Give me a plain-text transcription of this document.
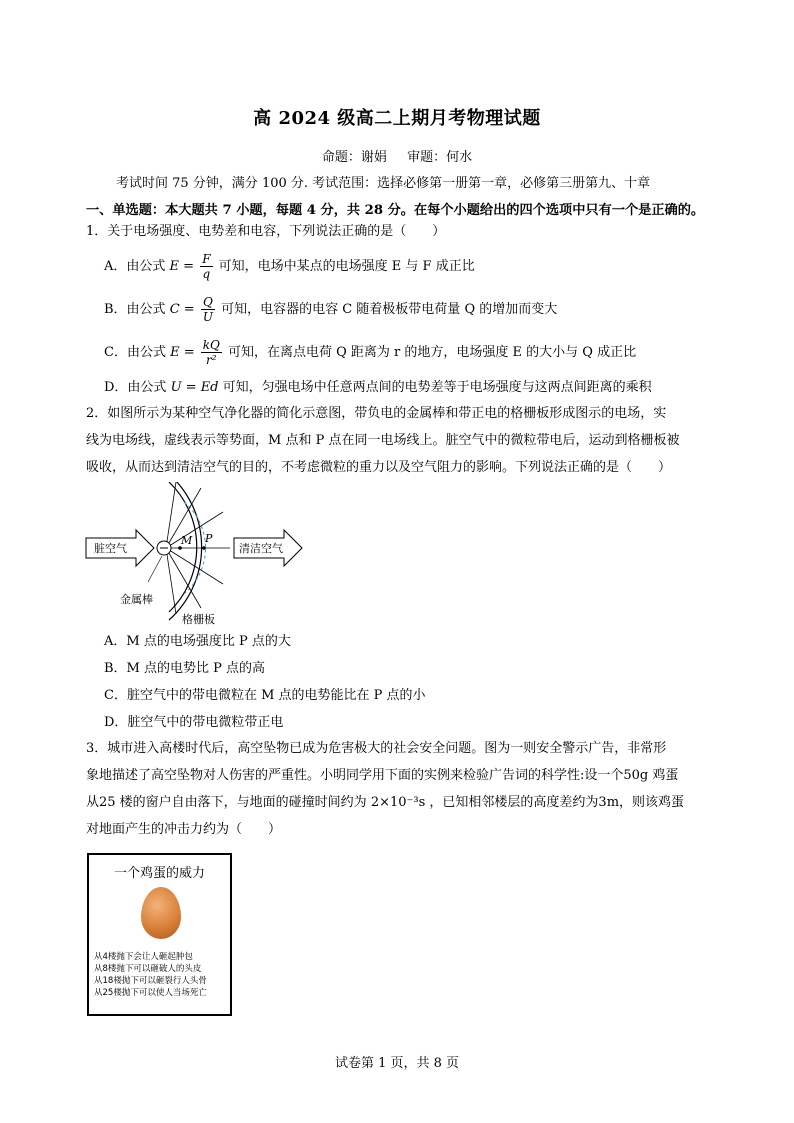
高 2024 级高二上期月考物理试题
命题：谢娟 审题：何水
考试时间 75 分钟，满分 100 分. 考试范围：选择必修第一册第一章，必修第三册第九、十章
一、单选题：本大题共 7 小题，每题 4 分，共 28 分。在每个小题给出的四个选项中只有一个是正确的。
1．关于电场强度、电势差和电容，下列说法正确的是（　　）
A．由公式 $E = \frac{F}{q}$ 可知，电场中某点的电场强度 E 与 F 成正比
B．由公式 $C = \frac{Q}{U}$ 可知，电容器的电容 C 随着极板带电荷量 Q 的增加而变大
C．由公式 $E = \frac{kQ}{\text{r²}}$ 可知，在离点电荷 Q 距离为 r 的地方，电场强度 E 的大小与 Q 成正比
D．由公式 U = Ed 可知，匀强电场中任意两点间的电势差等于电场强度与这两点间距离的乘积
2．如图所示为某种空气净化器的简化示意图，带负电的金属棒和带正电的格栅板形成图示的电场，实
线为电场线，虚线表示等势面，M 点和 P 点在同一电场线上。脏空气中的微粒带电后，运动到格栅板被
吸收，从而达到清洁空气的目的，不考虑微粒的重力以及空气阻力的影响。下列说法正确的是（　　）
脏空气
M P
清洁空气
金属棒
格栅板
A．M 点的电场强度比 P 点的大
B．M 点的电势比 P 点的高
C．脏空气中的带电微粒在 M 点的电势能比在 P 点的小
D．脏空气中的带电微粒带正电
3．城市进入高楼时代后，高空坠物已成为危害极大的社会安全问题。图为一则安全警示广告，非常形
象地描述了高空坠物对人伤害的严重性。小明同学用下面的实例来检验广告词的科学性:设一个50g 鸡蛋
从25 楼的窗户自由落下，与地面的碰撞时间约为 2×10⁻³s ，已知相邻楼层的高度差约为3m，则该鸡蛋
对地面产生的冲击力约为（　　）
一个鸡蛋的威力
从4楼抛下会让人砸起肿包
从8楼抛下可以砸破人的头皮
从18楼抛下可以砸裂行人头骨
从25楼抛下可以使人当场死亡
试卷第 1 页，共 8 页
